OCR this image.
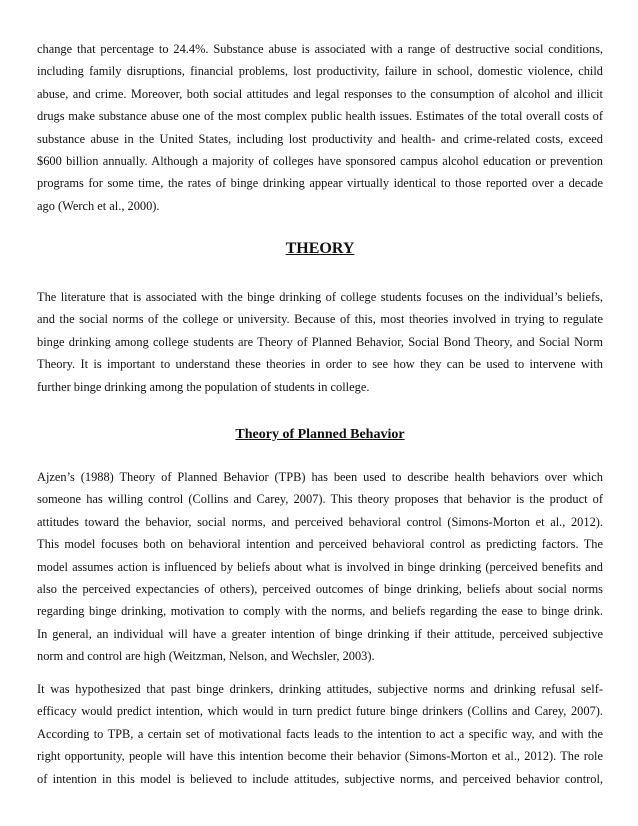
change that percentage to 24.4%. Substance abuse is associated with a range of destructive social conditions,
including family disruptions, financial problems, lost productivity, failure in school, domestic violence, child
abuse, and crime. Moreover, both social attitudes and legal responses to the consumption of alcohol and illicit
drugs make substance abuse one of the most complex public health issues. Estimates of the total overall costs of
substance abuse in the United States, including lost productivity and health- and crime-related costs, exceed
$600 billion annually. Although a majority of colleges have sponsored campus alcohol education or prevention
programs for some time, the rates of binge drinking appear virtually identical to those reported over a decade
ago (Werch et al., 2000).

THEORY

The literature that is associated with the binge drinking of college students focuses on the individual’s beliefs,
and the social norms of the college or university. Because of this, most theories involved in trying to regulate
binge drinking among college students are Theory of Planned Behavior, Social Bond Theory, and Social Norm
Theory. It is important to understand these theories in order to see how they can be used to intervene with
further binge drinking among the population of students in college.

Theory of Planned Behavior

Ajzen’s (1988) Theory of Planned Behavior (TPB) has been used to describe health behaviors over which
someone has willing control (Collins and Carey, 2007). This theory proposes that behavior is the product of
attitudes toward the behavior, social norms, and perceived behavioral control (Simons-Morton et al., 2012).
This model focuses both on behavioral intention and perceived behavioral control as predicting factors. The
model assumes action is influenced by beliefs about what is involved in binge drinking (perceived benefits and
also the perceived expectancies of others), perceived outcomes of binge drinking, beliefs about social norms
regarding binge drinking, motivation to comply with the norms, and beliefs regarding the ease to binge drink.
In general, an individual will have a greater intention of binge drinking if their attitude, perceived subjective
norm and control are high (Weitzman, Nelson, and Wechsler, 2003).

It was hypothesized that past binge drinkers, drinking attitudes, subjective norms and drinking refusal self-
efficacy would predict intention, which would in turn predict future binge drinkers (Collins and Carey, 2007).
According to TPB, a certain set of motivational facts leads to the intention to act a specific way, and with the
right opportunity, people will have this intention become their behavior (Simons-Morton et al., 2012). The role
of intention in this model is believed to include attitudes, subjective norms, and perceived behavior control,
